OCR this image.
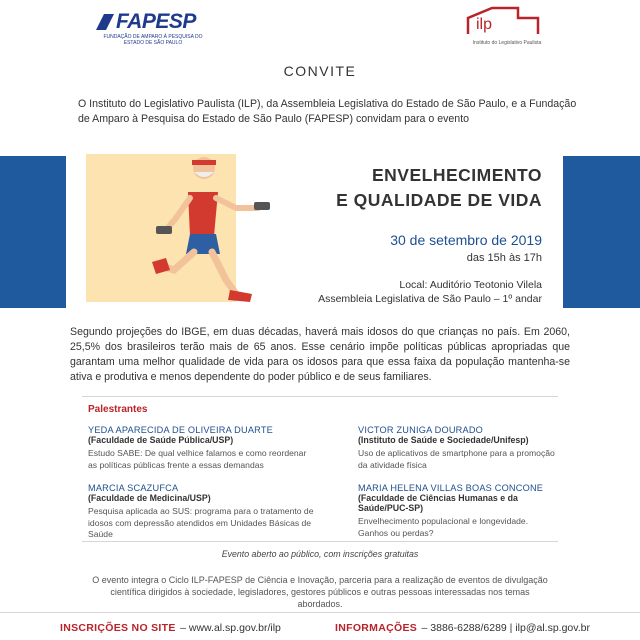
FAPESP
FUNDAÇÃO DE AMPARO À PESQUISA DO ESTADO DE SÃO PAULO
ilp
Instituto do Legislativo Paulista
CONVITE
O Instituto do Legislativo Paulista (ILP), da Assembleia Legislativa do Estado de São Paulo, e a Fundação de Amparo à Pesquisa do Estado de São Paulo (FAPESP) convidam para o evento
ENVELHECIMENTO
E QUALIDADE DE VIDA
30 de setembro de 2019
das 15h às 17h
Local: Auditório Teotonio Vilela
Assembleia Legislativa de São Paulo – 1º andar
Segundo projeções do IBGE, em duas décadas, haverá mais idosos do que crianças no país. Em 2060, 25,5% dos brasileiros terão mais de 65 anos. Esse cenário impõe políticas públicas apropriadas que garantam uma melhor qualidade de vida para os idosos para que essa faixa da população mantenha-se ativa e produtiva e menos dependente do poder público e de seus familiares.
Palestrantes
YEDA APARECIDA DE OLIVEIRA DUARTE
(Faculdade de Saúde Pública/USP)
Estudo SABE: De qual velhice falamos e como reordenar
as políticas públicas frente a essas demandas
VICTOR ZUNIGA DOURADO
(Instituto de Saúde e Sociedade/Unifesp)
Uso de aplicativos de smartphone para a promoção
da atividade física
MARCIA SCAZUFCA
(Faculdade de Medicina/USP)
Pesquisa aplicada ao SUS: programa para o tratamento de
idosos com depressão atendidos em Unidades Básicas de Saúde
MARIA HELENA VILLAS BOAS CONCONE
(Faculdade de Ciências Humanas e da Saúde/PUC-SP)
Envelhecimento populacional e longevidade.
Ganhos ou perdas?
Evento aberto ao público, com inscrições gratuitas
O evento integra o Ciclo ILP-FAPESP de Ciência e Inovação, parceria para a realização de eventos de divulgação científica dirigidos à sociedade, legisladores, gestores públicos e outras pessoas interessadas nos temas abordados.
INSCRIÇÕES NO SITE – www.al.sp.gov.br/ilp	INFORMAÇÕES – 3886-6288/6289 | ilp@al.sp.gov.br
